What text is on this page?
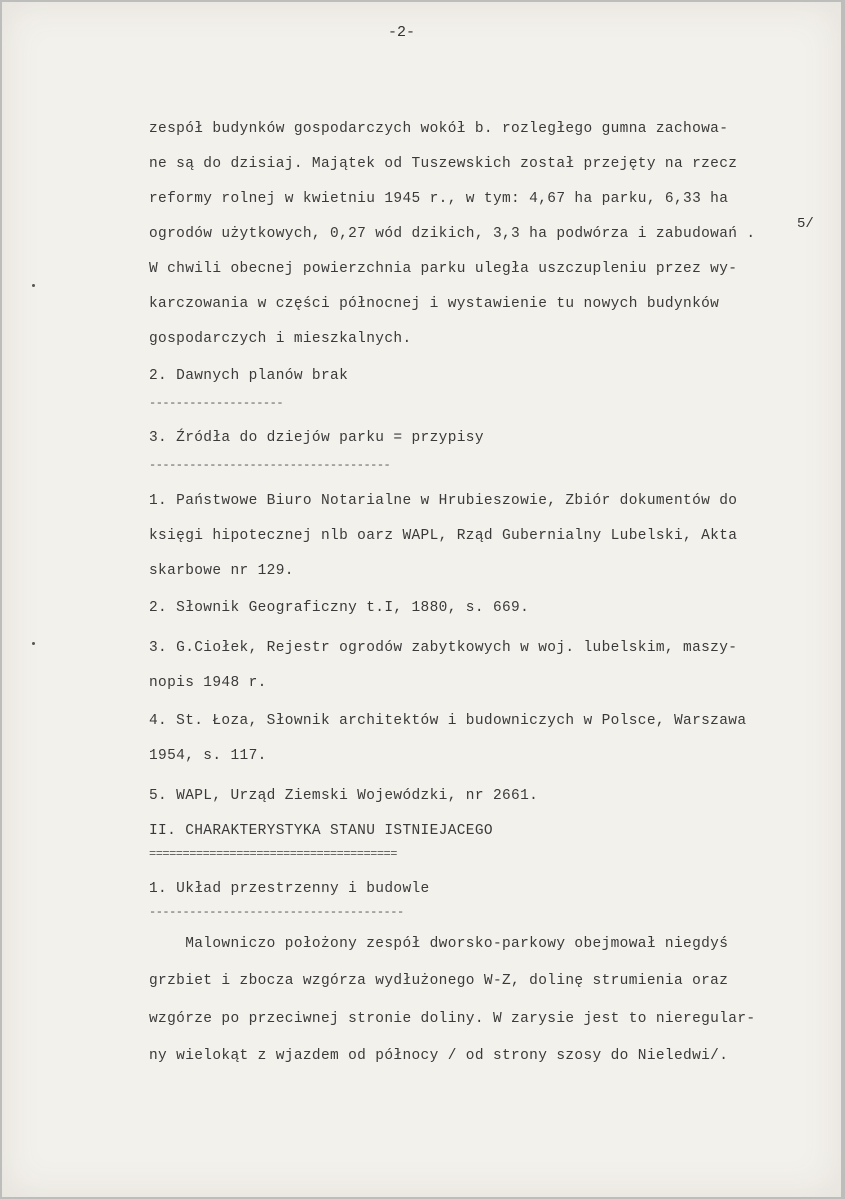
-2-
5/
zespół budynków gospodarczych wokół b. rozległego gumna zachowa-
ne są do dzisiaj. Majątek od Tuszewskich został przejęty na rzecz
reformy rolnej w kwietniu 1945 r., w tym: 4,67 ha parku, 6,33 ha
ogrodów użytkowych, 0,27 wód dzikich, 3,3 ha podwórza i zabudowań .
W chwili obecnej powierzchnia parku uległa uszczupleniu przez wy-
karczowania w części północnej i wystawienie tu nowych budynków
gospodarczych i mieszkalnych.
2. Dawnych planów brak
--------------------
3. Źródła do dziejów parku = przypisy
------------------------------------
1. Państwowe Biuro Notarialne w Hrubieszowie, Zbiór dokumentów do
księgi hipotecznej nlb oarz WAPL, Rząd Gubernialny Lubelski, Akta
skarbowe nr 129.
2. Słownik Geograficzny t.I, 1880, s. 669.
3. G.Ciołek, Rejestr ogrodów zabytkowych w woj. lubelskim, maszy-
nopis 1948 r.
4. St. Łoza, Słownik architektów i budowniczych w Polsce, Warszawa
1954, s. 117.
5. WAPL, Urząd Ziemski Wojewódzki, nr 2661.
II. CHARAKTERYSTYKA STANU ISTNIEJACEGO
=====================================
1. Układ przestrzenny i budowle
--------------------------------------
Malowniczo położony zespół dworsko-parkowy obejmował niegdyś
grzbiet i zbocza wzgórza wydłużonego W-Z, dolinę strumienia oraz
wzgórze po przeciwnej stronie doliny. W zarysie jest to nieregular-
ny wielokąt z wjazdem od północy / od strony szosy do Nieledwi/.
